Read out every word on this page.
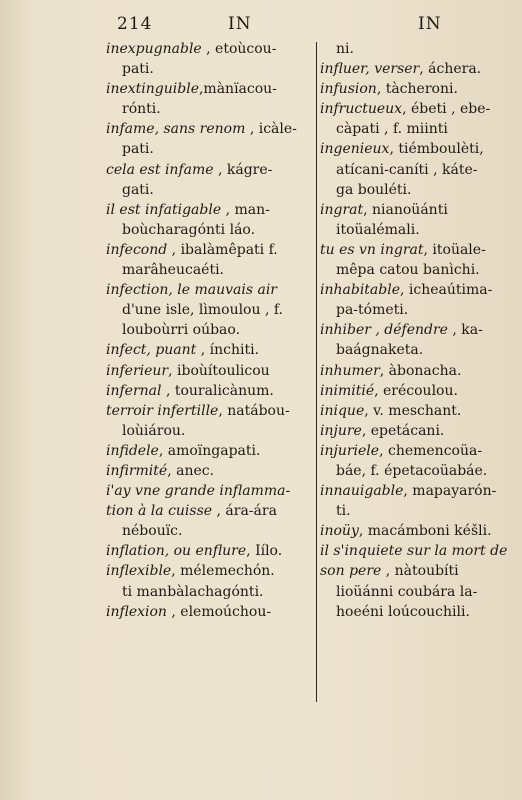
214	IN	IN
inexpugnable , etoùcou-
pati.
inextinguible,mànïacou-
rónti.
infame, sans renom , icàle-
pati.
cela est infame , kágre-
gati.
il est infatigable , man-
boùcharagónti láo.
infecond , ibalàmêpati f.
marâheucaéti.
infection, le mauvais air
d'une isle, lìmoulou , f.
louboùrri oúbao.
infect, puant , ínchiti.
inferieur, iboùítoulicou
infernal , touralicànum.
terroir infertille, natábou-
loùiárou.
infidele, amoïngapati.
infirmité, anec.
i'ay vne grande inflamma-
tion à la cuisse , ára-ára
nébouïc.
inflation, ou enflure, Iílo.
inflexible, mélemechón.
ti manbàlachagónti.
inflexion , elemoúchou-
ni.
influer, verser, áchera.
infusion, tàcheroni.
infructueux, ébeti , ebe-
càpati , f. miinti
ingenieux, tiémboulèti,
atícani-caníti , káte-
ga bouléti.
ingrat, nianoüánti
itoüalémali.
tu es vn ingrat, itoüale-
mêpa catou banìchi.
inhabitable, icheaútima-
pa-tómeti.
inhiber , défendre , ka-
baágnaketa.
inhumer, àbonacha.
inimitié, erécoulou.
inique, v. meschant.
injure, epetácani.
injuriele, chemencoüa-
báe, f. épetacoüabáe.
innauigable, mapayarón-
ti.
inoüy, macámboni kéšli.
il s'inquiete sur la mort de
son pere , nàtoubíti
lioüánni coubára la-
hoeéni loúcouchili.
